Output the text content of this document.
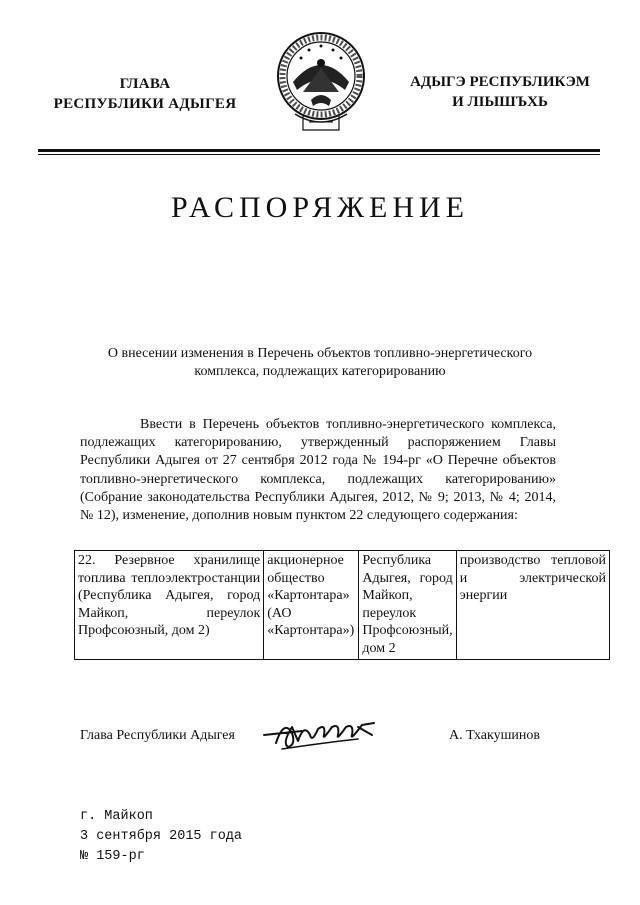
ГЛАВА
РЕСПУБЛИКИ АДЫГЕЯ
АДЫГЭ РЕСПУБЛИКЭМ
И ЛІЫШЪХЬ
РАСПОРЯЖЕНИЕ
О внесении изменения в Перечень объектов топливно-энергетического
комплекса, подлежащих категорированию

Ввести в Перечень объектов топливно-энергетического комплекса, подлежащих категорированию, утвержденный распоряжением Главы Республики Адыгея от 27 сентября 2012 года № 194-рг «О Перечне объектов топливно-энергетического комплекса, подлежащих категорированию» (Собрание законодательства Республики Адыгея, 2012, № 9; 2013, № 4; 2014, № 12), изменение, дополнив новым пунктом 22 следующего содержания:

22. Резервное хранилище топлива теплоэлектростанции (Республика Адыгея, город Майкоп, переулок Профсоюзный, дом 2)	акционерное общество «Картонтара» (АО «Картонтара»)	Республика Адыгея, город Майкоп, переулок Профсоюзный, дом 2	производство тепловой и электрической энергии
Глава Республики Адыгея	А. Тхакушинов
г. Майкоп
3 сентября 2015 года
№ 159-рг
